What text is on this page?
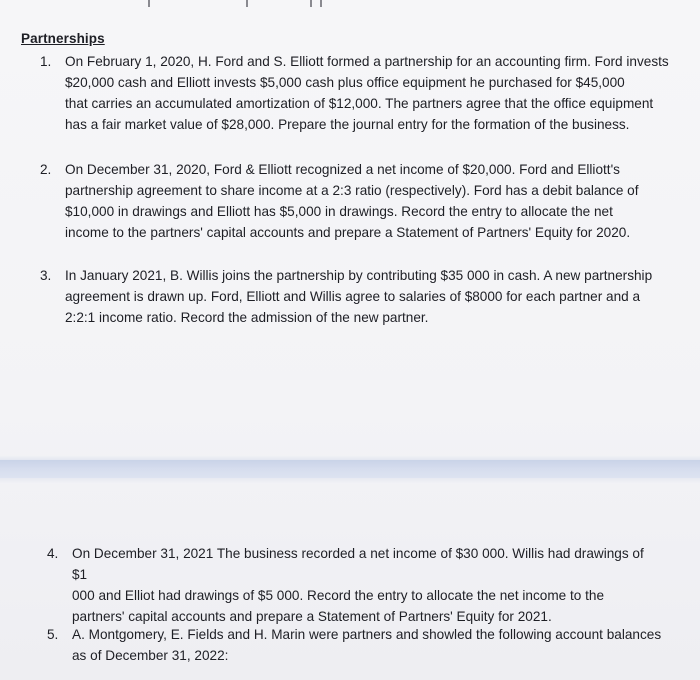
Partnerships
1.	On February 1, 2020, H. Ford and S. Elliott formed a partnership for an accounting firm. Ford invests
$20,000 cash and Elliott invests $5,000 cash plus office equipment he purchased for $45,000
that carries an accumulated amortization of $12,000. The partners agree that the office equipment
has a fair market value of $28,000. Prepare the journal entry for the formation of the business.
2.	On December 31, 2020, Ford & Elliott recognized a net income of $20,000. Ford and Elliott's
partnership agreement to share income at a 2:3 ratio (respectively). Ford has a debit balance of
$10,000 in drawings and Elliott has $5,000 in drawings. Record the entry to allocate the net
income to the partners' capital accounts and prepare a Statement of Partners' Equity for 2020.
3.	In January 2021, B. Willis joins the partnership by contributing $35 000 in cash. A new partnership
agreement is drawn up. Ford, Elliott and Willis agree to salaries of $8000 for each partner and a
2:2:1 income ratio. Record the admission of the new partner.
4.	On December 31, 2021 The business recorded a net income of $30 000. Willis had drawings of $1
000 and Elliot had drawings of $5 000. Record the entry to allocate the net income to the
partners' capital accounts and prepare a Statement of Partners' Equity for 2021.
5.	A. Montgomery, E. Fields and H. Marin were partners and showled the following account balances
as of December 31, 2022:
